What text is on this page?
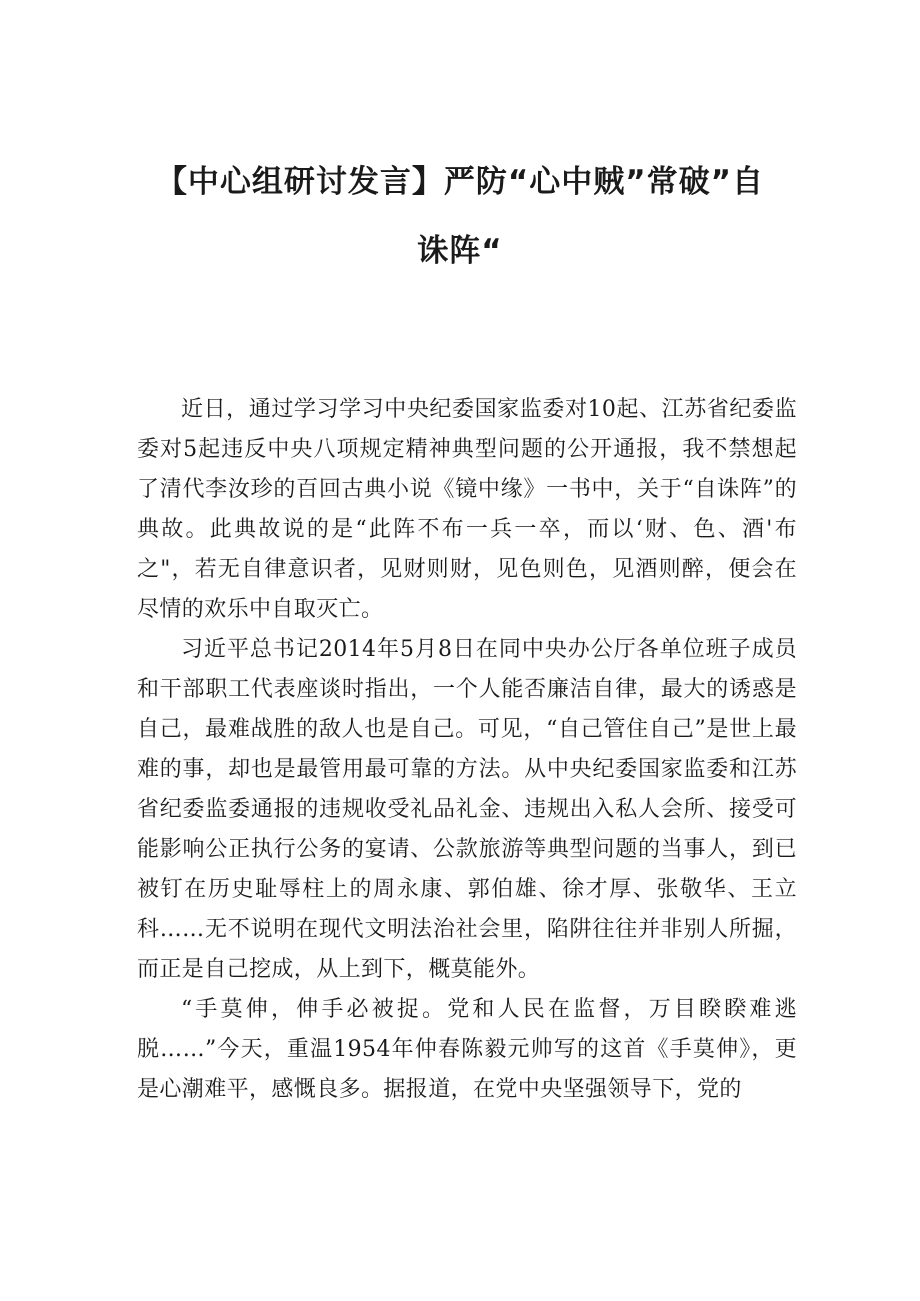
【中心组研讨发言】严防“心中贼”常破”自
诛阵“

近日，通过学习学习中央纪委国家监委对10起、江苏省纪委监委对5起违反中央八项规定精神典型问题的公开通报，我不禁想起了清代李汝珍的百回古典小说《镜中缘》一书中，关于“自诛阵”的典故。此典故说的是“此阵不布一兵一卒，而以‘财、色、酒'布之"，若无自律意识者，见财则财，见色则色，见酒则醉，便会在尽情的欢乐中自取灭亡。

习近平总书记2014年5月8日在同中央办公厅各单位班子成员和干部职工代表座谈时指出，一个人能否廉洁自律，最大的诱惑是自己，最难战胜的敌人也是自己。可见，“自己管住自己”是世上最难的事，却也是最管用最可靠的方法。从中央纪委国家监委和江苏省纪委监委通报的违规收受礼品礼金、违规出入私人会所、接受可能影响公正执行公务的宴请、公款旅游等典型问题的当事人，到已被钉在历史耻辱柱上的周永康、郭伯雄、徐才厚、张敬华、王立科……无不说明在现代文明法治社会里，陷阱往往并非别人所掘，而正是自己挖成，从上到下，概莫能外。

“手莫伸，伸手必被捉。党和人民在监督，万目睽睽难逃脱……”今天，重温1954年仲春陈毅元帅写的这首《手莫伸》，更是心潮难平，感慨良多。据报道，在党中央坚强领导下，党的
